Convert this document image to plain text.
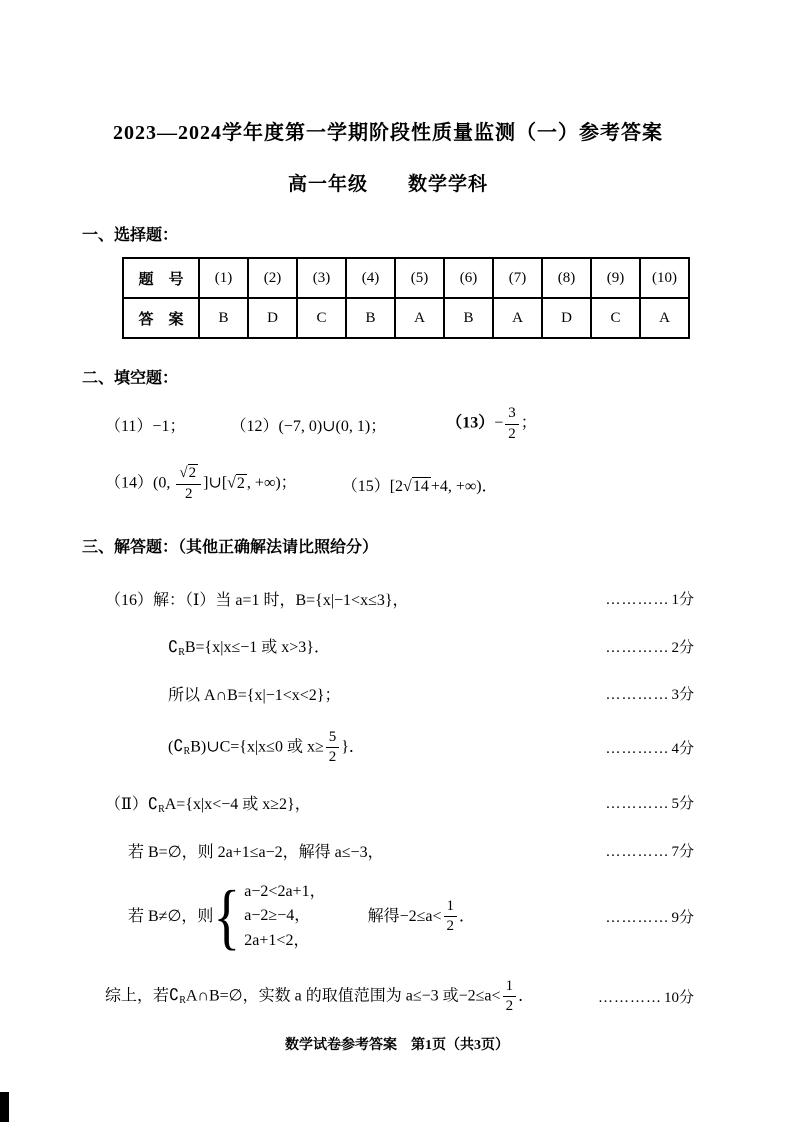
2023—2024学年度第一学期阶段性质量监测（一）参考答案
高一年级　　数学学科
一、选择题：
题　号	(1)	(2)	(3)	(4)	(5)	(6)	(7)	(8)	(9)	(10)
答　案	B	D	C	B	A	B	A	D	C	A
二、填空题：
（11）−1；	（12）(−7, 0)∪(0, 1)；	$(13)- \frac{3}{2}$ ；
（14）(0, $\frac{√2}{2}$ ]∪[√2 , +∞)；	（15）[2√14 +4, +∞)．
三、解答题：（其他正确解法请比照给分）
（16）解：（Ⅰ）当 a=1 时，B={x|−1<x≤3}，	………… 1分
$∁_RB=\{x|x\le-1$ 或 x>3}．	………… 2分
所以 A∩B={x|−1<x<2}；	………… 3分
$(∁_RB)\cup C=\{x|x\le 0$ 或 $x\ge \frac{5}{2}$ }．	………… 4分
$(Ⅱ)∁_RA=\{x|x<-4$ 或 x≥2}，	………… 5分
若 B=∅，则 2a+1≤a−2，解得 a≤−3，	………… 7分
若 B≠∅，则 { a−2<2a+1，
a−2≥−4，
2a+1<2，
解得$-2\le a< \frac{1}{2}$ ．	………… 9分
综上，若$∁_RA\cap B=\emptyset$，实数 a 的取值范围为 a≤−3 或$-2\le a< \frac{1}{2}$ ．	………… 10分
数学试卷参考答案　第1页（共3页）
